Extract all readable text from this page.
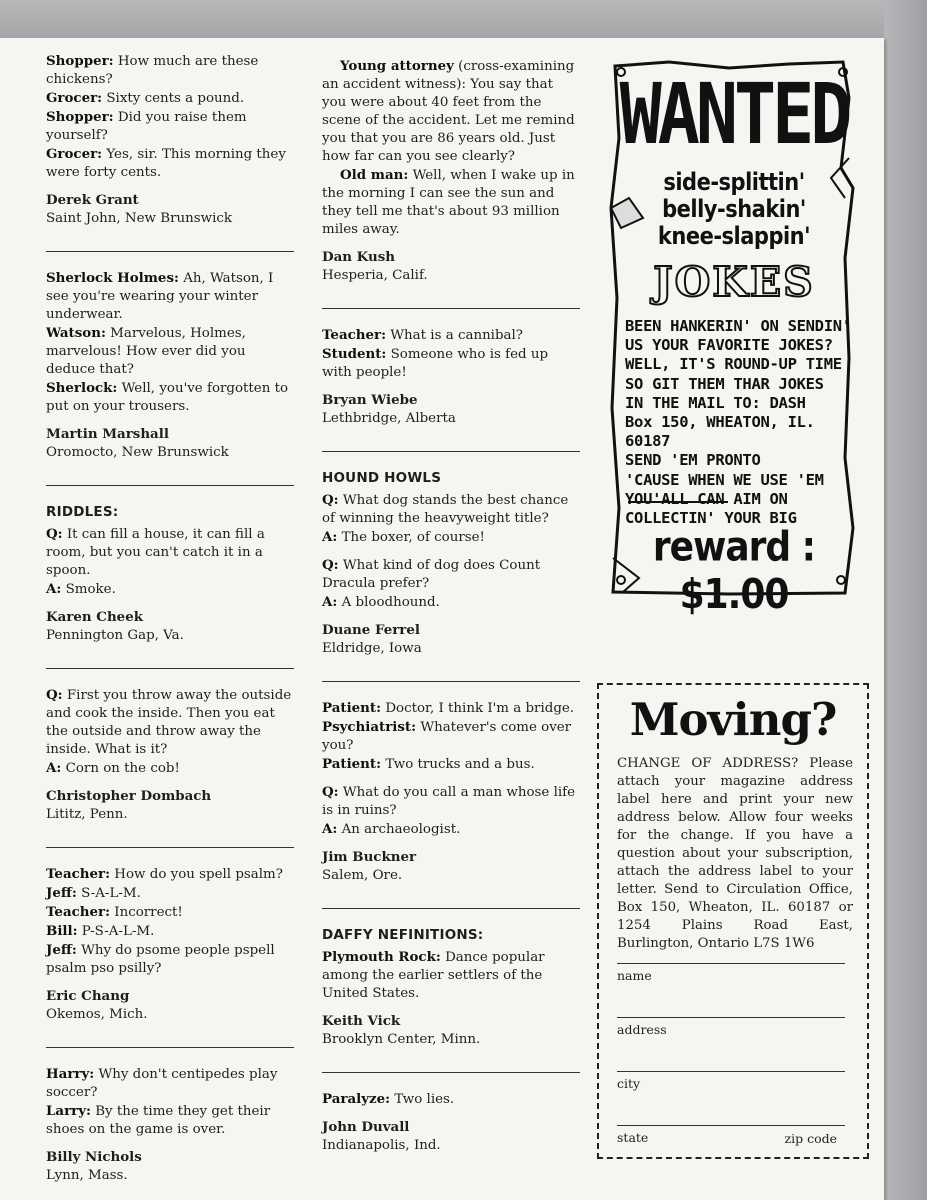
Shopper: How much are these chickens?

Grocer: Sixty cents a pound.

Shopper: Did you raise them yourself?

Grocer: Yes, sir. This morning they were forty cents.

Derek Grant

Saint John, New Brunswick

Sherlock Holmes: Ah, Watson, I see you're wearing your winter underwear.

Watson: Marvelous, Holmes, marvelous! How ever did you deduce that?

Sherlock: Well, you've forgotten to put on your trousers.

Martin Marshall

Oromocto, New Brunswick

RIDDLES:

Q: It can fill a house, it can fill a room, but you can't catch it in a spoon.

A: Smoke.

Karen Cheek

Pennington Gap, Va.

Q: First you throw away the outside and cook the inside. Then you eat the outside and throw away the inside. What is it?

A: Corn on the cob!

Christopher Dombach

Lititz, Penn.

Teacher: How do you spell psalm?

Jeff: S-A-L-M.

Teacher: Incorrect!

Bill: P-S-A-L-M.

Jeff: Why do psome people pspell psalm pso psilly?

Eric Chang

Okemos, Mich.

Harry: Why don't centipedes play soccer?

Larry: By the time they get their shoes on the game is over.

Billy Nichols

Lynn, Mass.

Young attorney (cross-examining an accident witness): You say that you were about 40 feet from the scene of the accident. Let me remind you that you are 86 years old. Just how far can you see clearly?

Old man: Well, when I wake up in the morning I can see the sun and they tell me that's about 93 million miles away.

Dan Kush

Hesperia, Calif.

Teacher: What is a cannibal?

Student: Someone who is fed up with people!

Bryan Wiebe

Lethbridge, Alberta

HOUND HOWLS

Q: What dog stands the best chance of winning the heavyweight title?

A: The boxer, of course!

Q: What kind of dog does Count Dracula prefer?

A: A bloodhound.

Duane Ferrel

Eldridge, Iowa

Patient: Doctor, I think I'm a bridge.

Psychiatrist: Whatever's come over you?

Patient: Two trucks and a bus.

Q: What do you call a man whose life is in ruins?

A: An archaeologist.

Jim Buckner

Salem, Ore.

DAFFY NEFINITIONS:

Plymouth Rock: Dance popular among the earlier settlers of the United States.

Keith Vick

Brooklyn Center, Minn.

Paralyze: Two lies.

John Duvall

Indianapolis, Ind.

WANTED
side-splittin'
belly-shakin'
knee-slappin'
JOKES
BEEN HANKERIN' ON SENDIN'
US YOUR FAVORITE JOKES?
WELL, IT'S ROUND-UP TIME
SO GIT THEM THAR JOKES
IN THE MAIL TO: DASH
Box 150, WHEATON, IL. 60187
SEND 'EM PRONTO
'CAUSE WHEN WE USE 'EM
YOU'ALL CAN AIM ON
COLLECTIN' YOUR BIG
reward : $1.00
Moving?
CHANGE OF ADDRESS? Please attach your magazine address label here and print your new address below. Allow four weeks for the change. If you have a question about your subscription, attach the address label to your letter. Send to Circulation Office, Box 150, Wheaton, IL. 60187 or 1254 Plains Road East, Burlington, Ontario L7S 1W6
name
address
city
state	zip code
